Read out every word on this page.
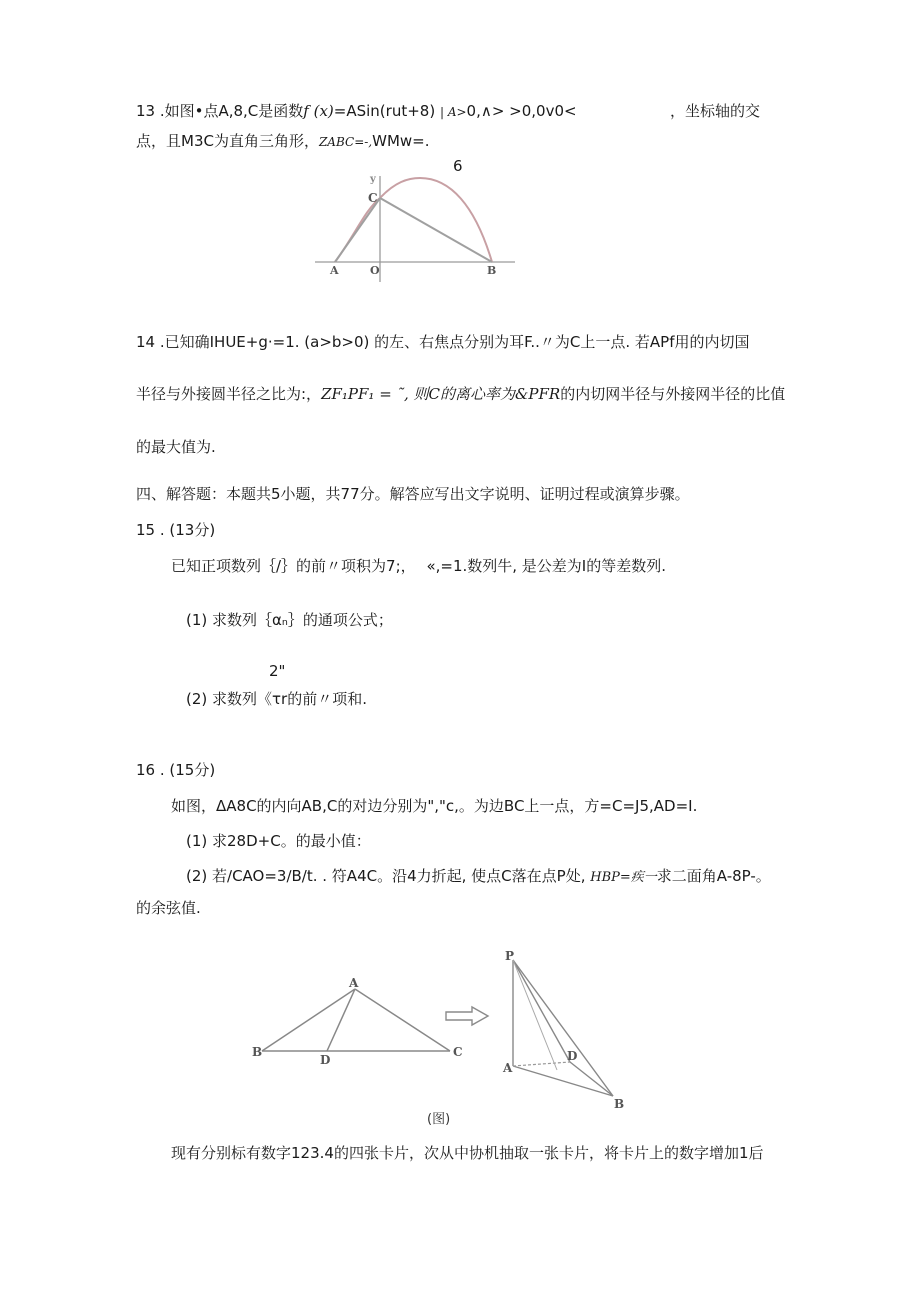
13 .如图•点A,8,C是函数f (x)=ASin(rut+8) | A>0,∧> >0,0v0<	，坐标轴的交
点，且M3C为直角三角形，ZABC=-,WMw=.
6
y
C
A	O	B
14 .已知确IHUE+g·=1. (a>b>0) 的左、右焦点分别为耳F..〃为C上一点. 若APf用的内切国
半径与外接圆半径之比为:，ZF₁PF₁ = ˜, 则C的离心率为&PFR的内切网半径与外接网半径的比值
的最大值为.
四、解答题：本题共5小题，共77分。解答应写出文字说明、证明过程或演算步骤。
15 . (13分)
已知正项数列｛/｝的前〃项积为7;， «,=1.数列牛, 是公差为I的等差数列.
(1) 求数列｛αₙ｝的通项公式；
2"
(2) 求数列《τr的前〃项和.
16 . (15分)
如图，ΔA8C的内向AB,C的对边分别为","c,。为边BC上一点，方=C=J5,AD=I.
(1) 求28D+C。的最小值：
(2) 若∕CAO=3∕B/t. . 符A4C。沿4力折起, 使点C落在点P处, HBP=疾一求二面角A-8P-。
的余弦值.
A
B
D
C
P
D
A
B
(图)
现有分别标有数字123.4的四张卡片，次从中协机抽取一张卡片，将卡片上的数字增加1后
